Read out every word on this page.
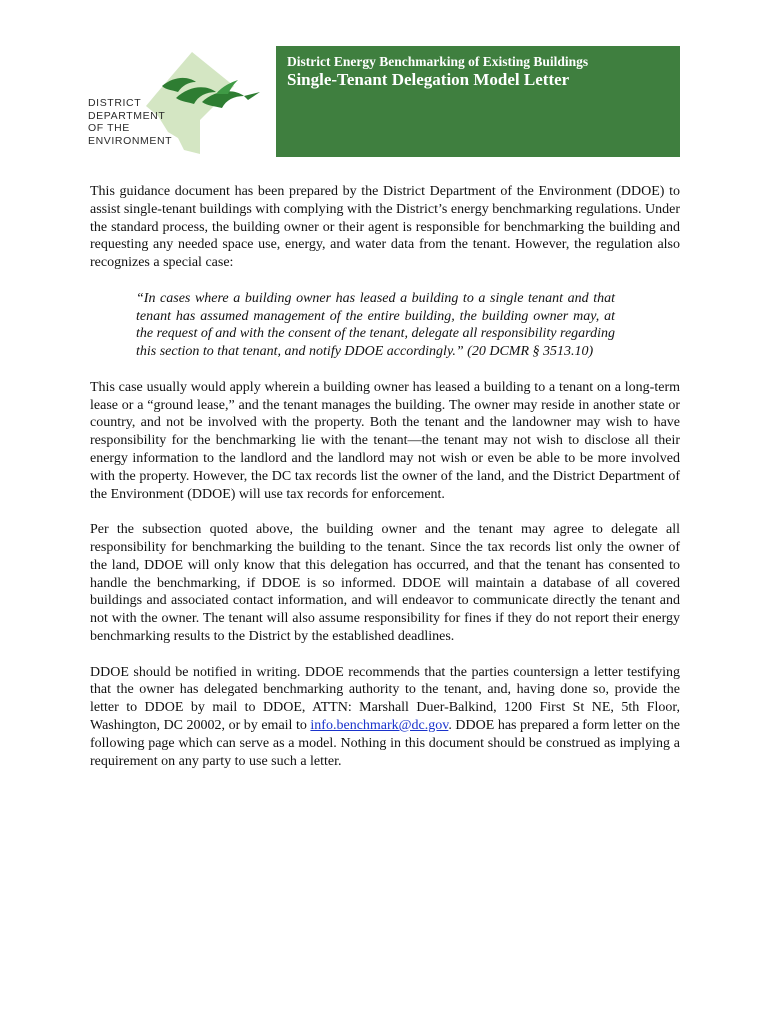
DISTRICT
DEPARTMENT
OF THE
ENVIRONMENT
District Energy Benchmarking of Existing Buildings
Single-Tenant Delegation Model Letter

This guidance document has been prepared by the District Department of the Environment (DDOE) to assist single-tenant buildings with complying with the District’s energy benchmarking regulations. Under the standard process, the building owner or their agent is responsible for benchmarking the building and requesting any needed space use, energy, and water data from the tenant. However, the regulation also recognizes a special case:

“In cases where a building owner has leased a building to a single tenant and that tenant has assumed management of the entire building, the building owner may, at the request of and with the consent of the tenant, delegate all responsibility regarding this section to that tenant, and notify DDOE accordingly.” (20 DCMR § 3513.10)

This case usually would apply wherein a building owner has leased a building to a tenant on a long-term lease or a “ground lease,” and the tenant manages the building. The owner may reside in another state or country, and not be involved with the property. Both the tenant and the landowner may wish to have responsibility for the benchmarking lie with the tenant—the tenant may not wish to disclose all their energy information to the landlord and the landlord may not wish or even be able to be more involved with the property. However, the DC tax records list the owner of the land, and the District Department of the Environment (DDOE) will use tax records for enforcement.

Per the subsection quoted above, the building owner and the tenant may agree to delegate all responsibility for benchmarking the building to the tenant. Since the tax records list only the owner of the land, DDOE will only know that this delegation has occurred, and that the tenant has consented to handle the benchmarking, if DDOE is so informed. DDOE will maintain a database of all covered buildings and associated contact information, and will endeavor to communicate directly the tenant and not with the owner. The tenant will also assume responsibility for fines if they do not report their energy benchmarking results to the District by the established deadlines.

DDOE should be notified in writing. DDOE recommends that the parties countersign a letter testifying that the owner has delegated benchmarking authority to the tenant, and, having done so, provide the letter to DDOE by mail to DDOE, ATTN: Marshall Duer-Balkind, 1200 First St NE, 5th Floor, Washington, DC 20002, or by email to info.benchmark@dc.gov. DDOE has prepared a form letter on the following page which can serve as a model. Nothing in this document should be construed as implying a requirement on any party to use such a letter.
